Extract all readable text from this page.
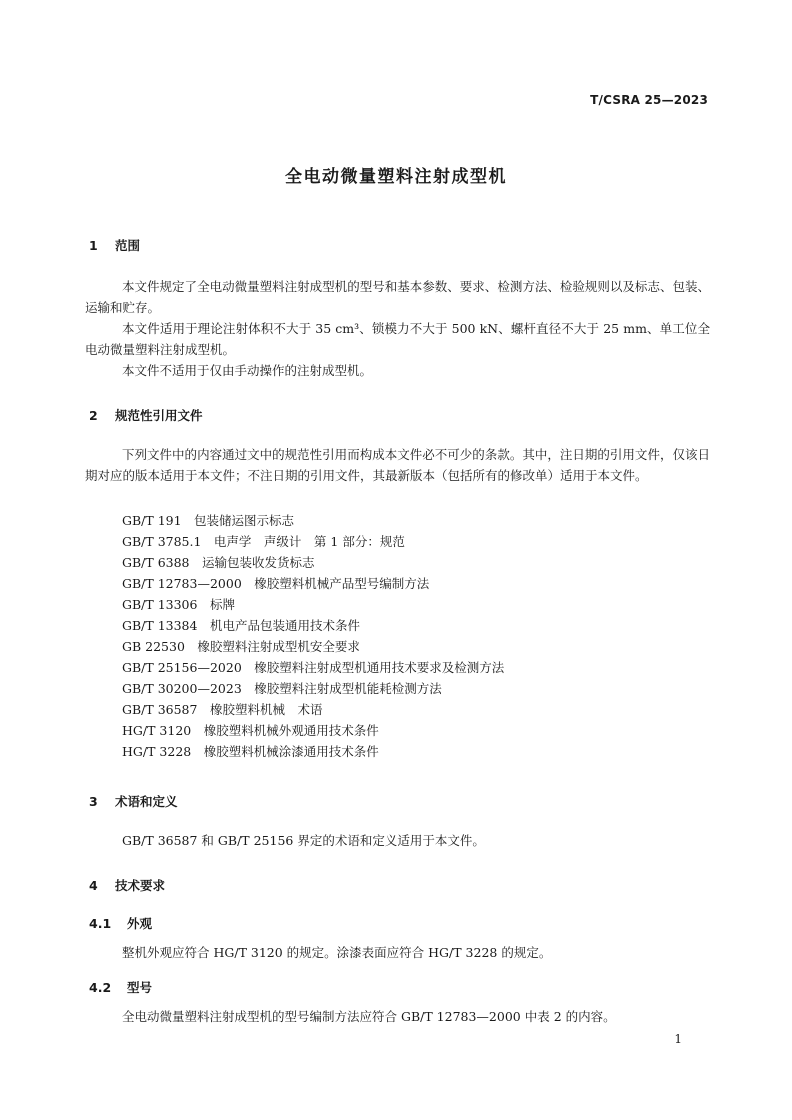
T/CSRA 25—2023
全电动微量塑料注射成型机
1 范围
本文件规定了全电动微量塑料注射成型机的型号和基本参数、要求、检测方法、检验规则以及标志、包装、运输和贮存。
本文件适用于理论注射体积不大于 35 cm³、锁模力不大于 500 kN、螺杆直径不大于 25 mm、单工位全电动微量塑料注射成型机。
本文件不适用于仅由手动操作的注射成型机。
2 规范性引用文件
下列文件中的内容通过文中的规范性引用而构成本文件必不可少的条款。其中，注日期的引用文件，仅该日期对应的版本适用于本文件；不注日期的引用文件，其最新版本（包括所有的修改单）适用于本文件。
GB/T 191　包装储运图示标志
GB/T 3785.1　电声学　声级计　第 1 部分：规范
GB/T 6388　运输包装收发货标志
GB/T 12783—2000　橡胶塑料机械产品型号编制方法
GB/T 13306　标牌
GB/T 13384　机电产品包装通用技术条件
GB 22530　橡胶塑料注射成型机安全要求
GB/T 25156—2020　橡胶塑料注射成型机通用技术要求及检测方法
GB/T 30200—2023　橡胶塑料注射成型机能耗检测方法
GB/T 36587　橡胶塑料机械　术语
HG/T 3120　橡胶塑料机械外观通用技术条件
HG/T 3228　橡胶塑料机械涂漆通用技术条件
3 术语和定义
GB/T 36587 和 GB/T 25156 界定的术语和定义适用于本文件。
4 技术要求
4.1 外观
整机外观应符合 HG/T 3120 的规定。涂漆表面应符合 HG/T 3228 的规定。
4.2 型号
全电动微量塑料注射成型机的型号编制方法应符合 GB/T 12783—2000 中表 2 的内容。
1
